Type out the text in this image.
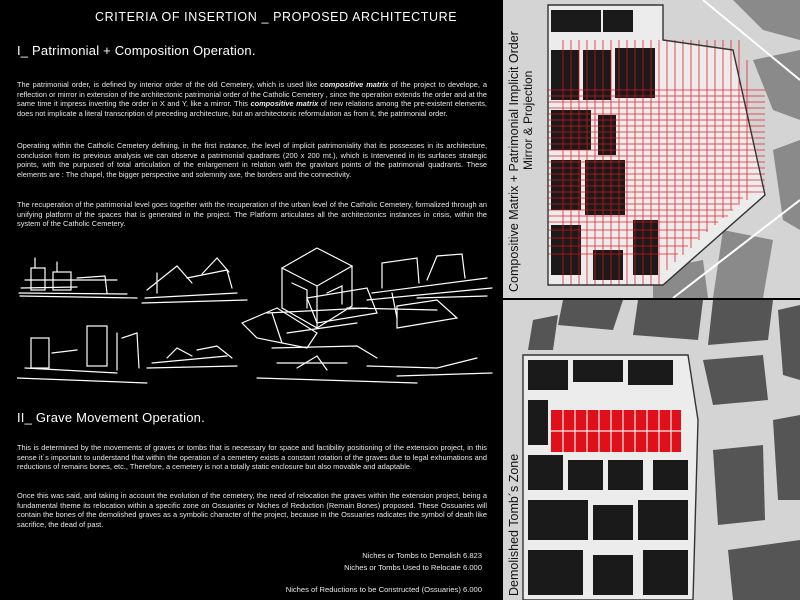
CRITERIA OF INSERTION _ PROPOSED ARCHITECTURE
I_ Patrimonial + Composition Operation.

The patrimonial order, is defined by interior order of the old Cemetery, which is used like compositive matrix of the project to develope, a reflection or mirror in extension of the architectonic patrimonial order of the Catholic Cemetery , since the operation extends the order and at the same time it impress inverting the order in X and Y, like a mirror. This compositive matrix of new relations among the pre-existent elements, does not implicate a literal transcription of preceding architecture, but an architectonic reformulation as from it, the patrimonial order.

Operating within the Catholic Cemetery defining, in the first instance, the level of implicit patrimoniality that its possesses in its architecture, conclusion from its previous analysis we can observe a patrimonial quadrants (200 x 200 mt.), which is Intervened in its surfaces strategic points, with the purpused of total articulation of the enlargement in relation with the gravitant points of the patrimonial quadrants. These elements are : The chapel, the bigger perspective and solemnity axe, the borders and the connectivity.

The recuperation of the patrimonial level goes together with the recuperation of the urban level of the Catholic Cemetery, formalized through an unifying platform of the spaces that is generated in the project. The Platform articulates all the architectonics instances in crisis, within the system of the Catholic Cemetery.

II_ Grave Movement Operation.

This is determined by the movements of graves or tombs that is necessary for space and factibility positioning of the extension project, in this sense it´s important to understand that within the operation of a cemetery exists a constant rotation of the graves due to legal exhumations and reductions of remains bones, etc., Therefore, a cemetery is not a totally static enclosure but also movable and adaptable.

Once this was said, and taking in account the evolution of the cemetery, the need of relocation the graves within the extension project, being a fundamental theme its relocation within a specific zone on Ossuaries or Niches of Reduction (Remain Bones) proposed. These Ossuaries will contain the bones of the demolished graves as a symbolic character of the project, because in the Ossuaries radicates the symbol of death like sacrifice, the dead of past.

Niches or Tombs to Demolish 6.823
Niches or Tombs Used to Relocate 6.000
Niches of Reductions to be Constructed (Ossuaries) 6.000
Compositive Matrix + Patrimonial Implicit Order Mirror & Projection
Demolished Tomb´s Zone
